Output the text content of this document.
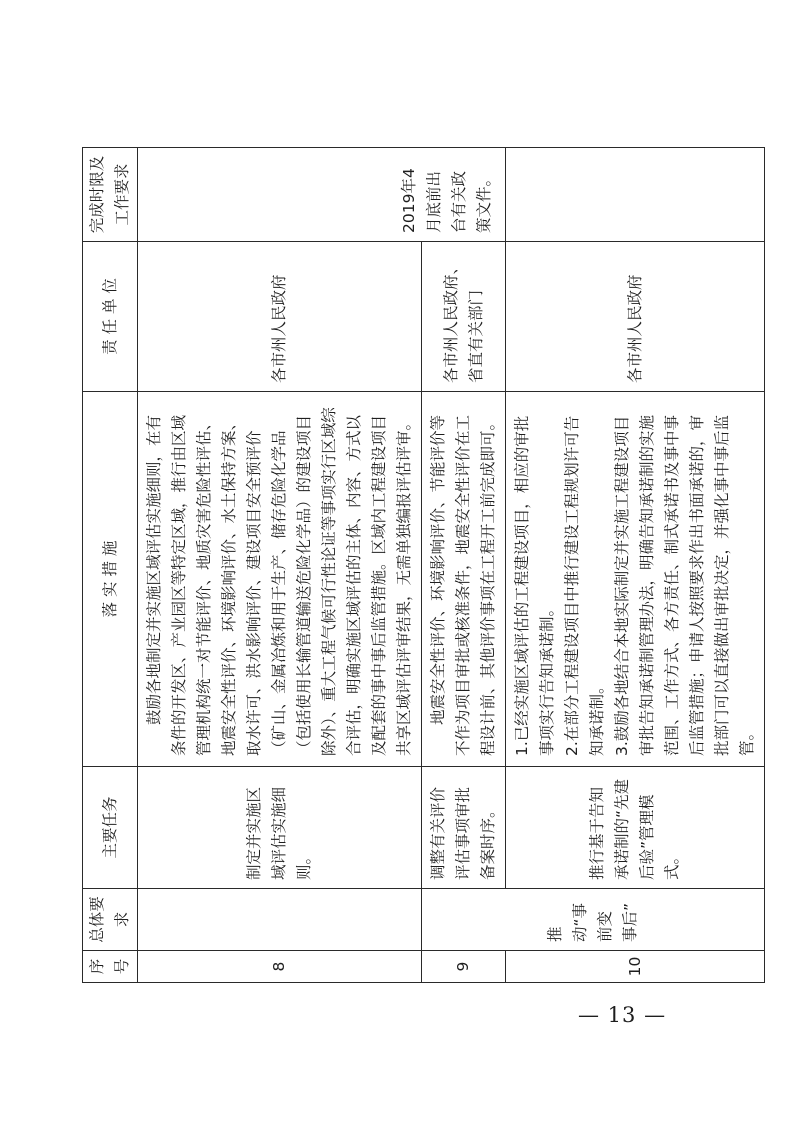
序号	总体要求	主要任务	落 实 措 施	责 任 单 位	完成时限及工作要求
8		制定并实施区域评估实施细则。	鼓励各地制定并实施区域评估实施细则，在有条件的开发区、产业园区等特定区域，推行由区域管理机构统一对节能评价、地质灾害危险性评估、地震安全性评价、环境影响评价、水土保持方案、取水许可、洪水影响评价、建设项目安全预评价（矿山、金属冶炼和用于生产、储存危险化学品（包括使用长输管道输送危险化学品）的建设项目除外）、重大工程气候可行性论证等事项实行区域综合评估，明确实施区域评估的主体、内容、方式以及配套的事中事后监管措施。区域内工程建设项目共享区域评估评审结果，无需单独编报评估评审。	各市州人民政府	2019年4月底前出台有关政策文件。
9	推动“事前变事后”	调整有关评价评估事项审批备案时序。	地震安全性评价、环境影响评价、节能评价等不作为项目审批或核准条件，地震安全性评价在工程设计前、其他评价事项在工程开工前完成即可。	各市州人民政府、省直有关部门	
10		推行基于告知承诺制的“先建后验”管理模式。	1.已经实施区域评估的工程建设项目，相应的审批事项实行告知承诺制。 2.在部分工程建设项目中推行建设工程规划许可告知承诺制。 3.鼓励各地结合本地实际制定并实施工程建设项目审批告知承诺制管理办法，明确告知承诺制的实施范围、工作方式、各方责任、制式承诺书及事中事后监管措施；申请人按照要求作出书面承诺的，审批部门可以直接做出审批决定，并强化事中事后监管。	各市州人民政府	
— 13 —
